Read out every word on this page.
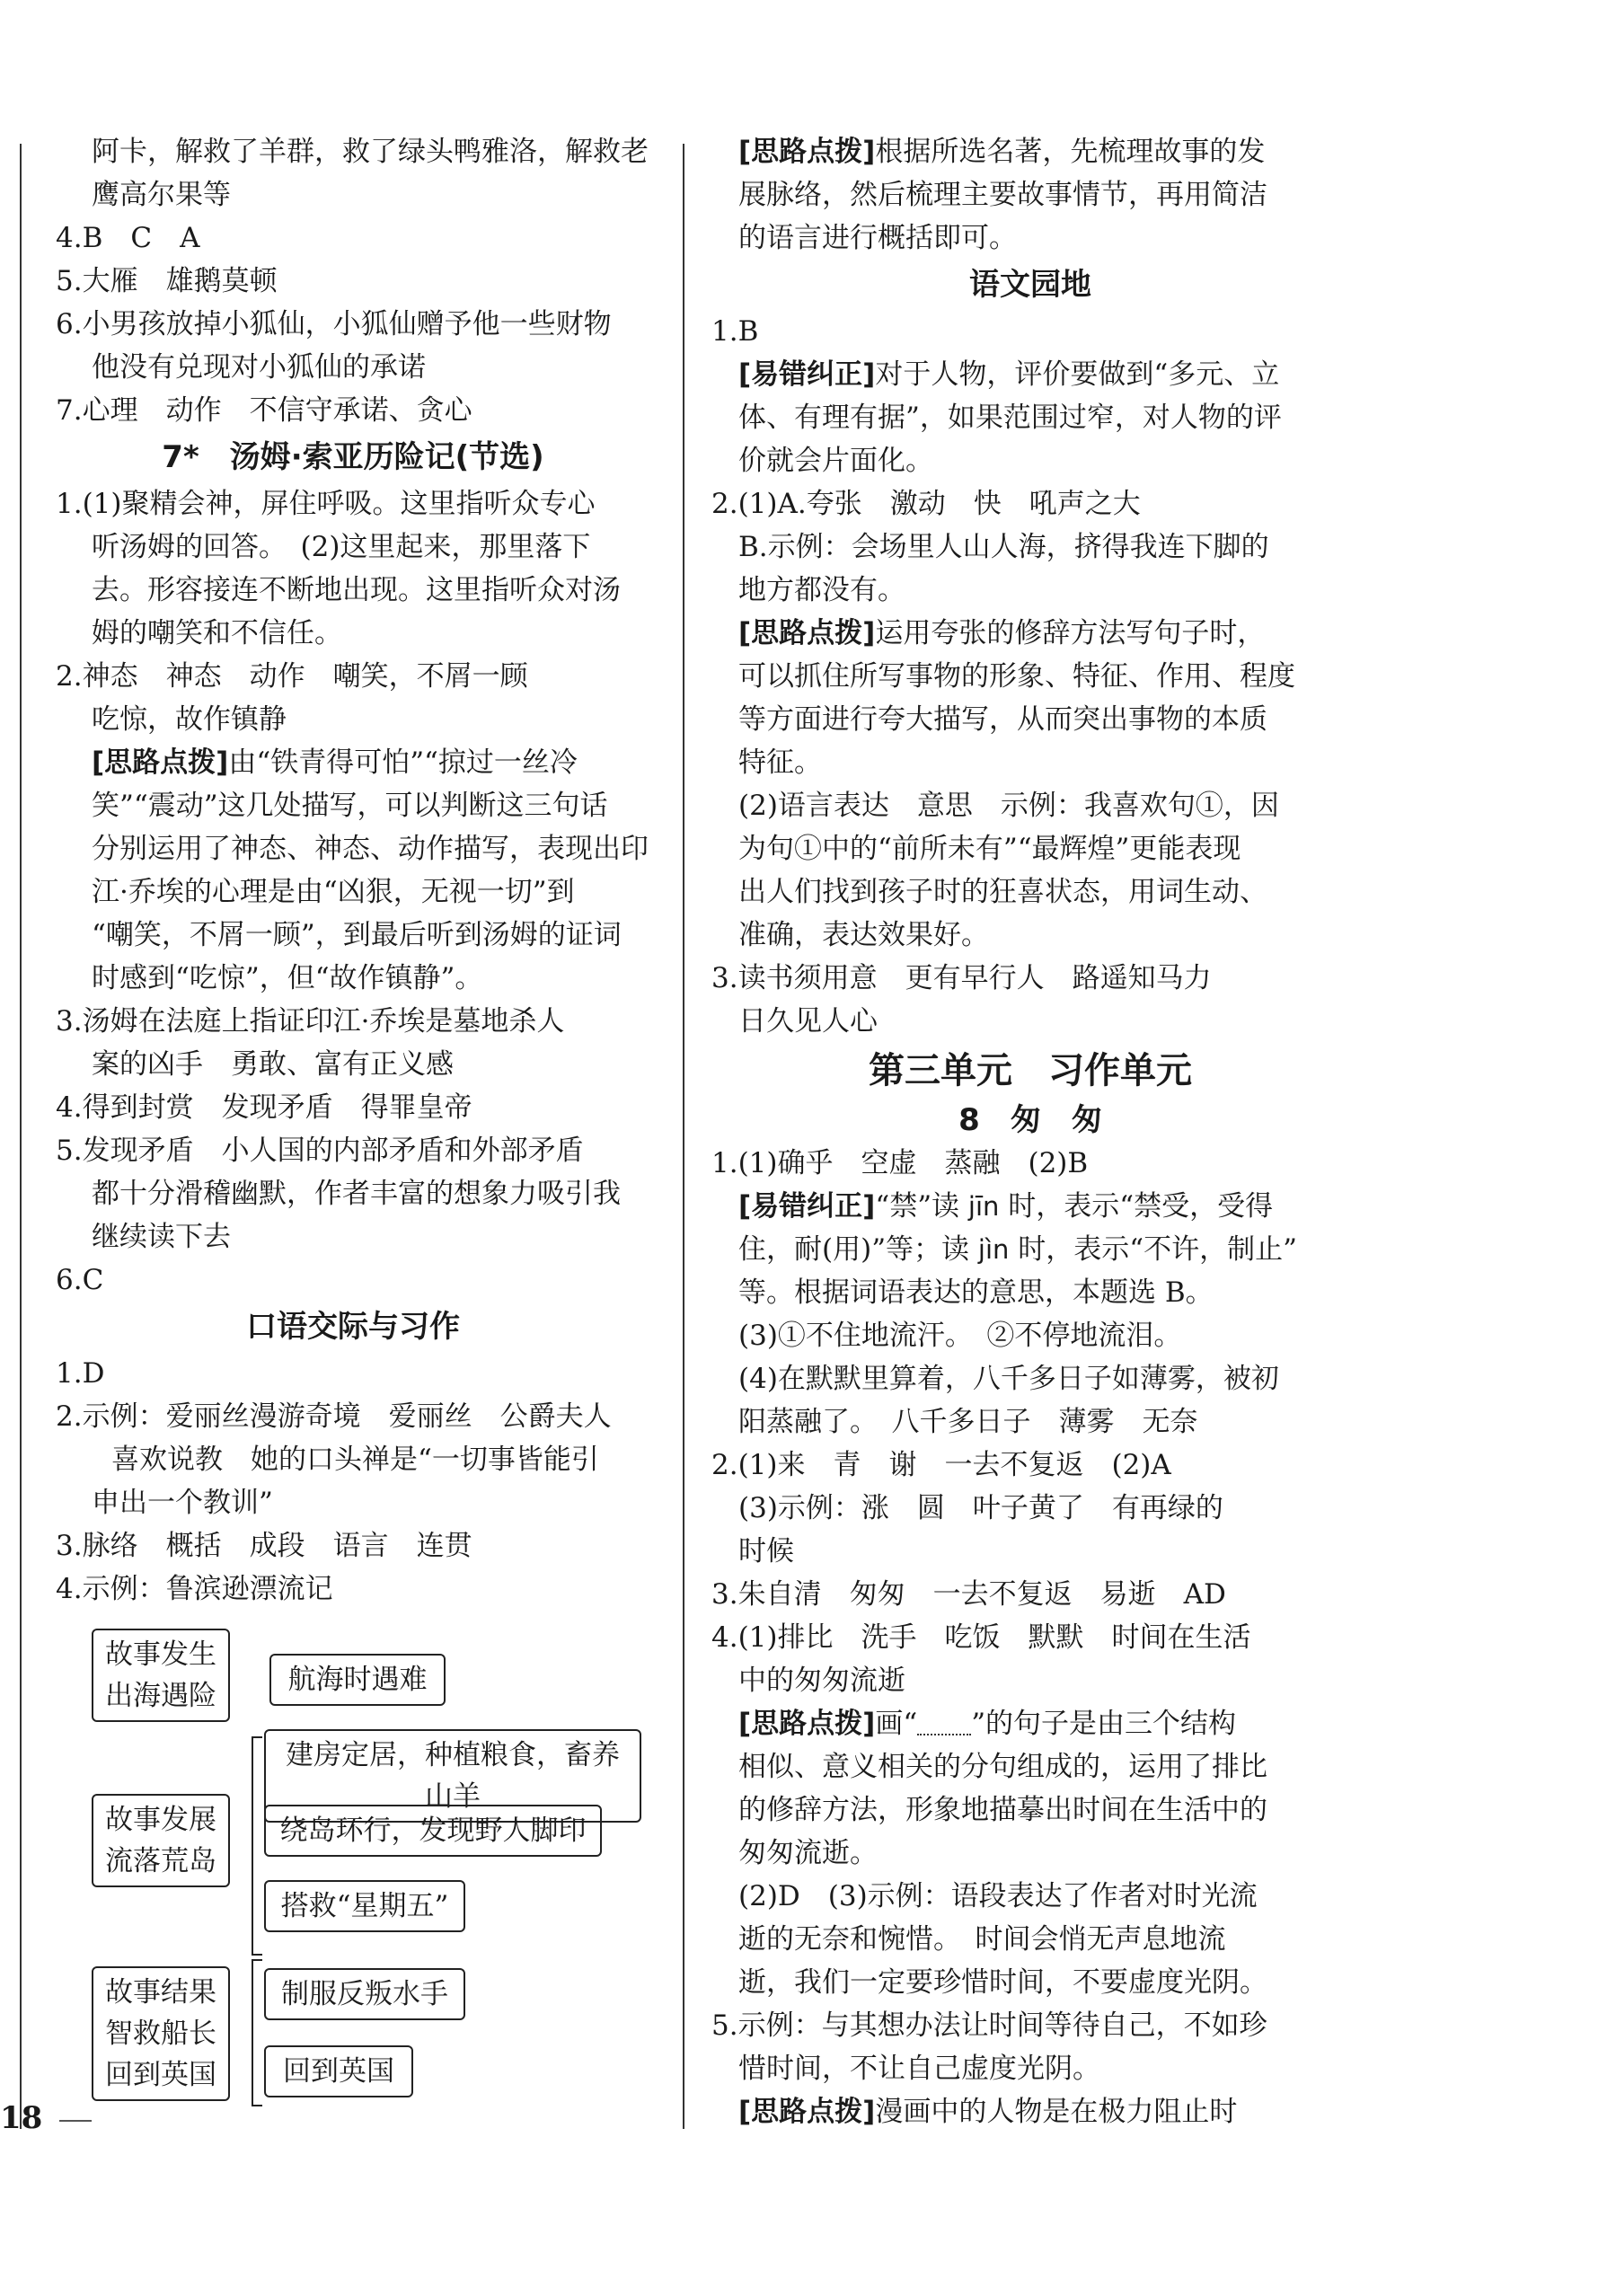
阿卡，解救了羊群，救了绿头鸭雅洛，解救老

鹰高尔果等

4.B　C　A

5.大雁　雄鹅莫顿

6.小男孩放掉小狐仙，小狐仙赠予他一些财物

他没有兑现对小狐仙的承诺

7.心理　动作　不信守承诺、贪心

7*　汤姆·索亚历险记(节选)

1.(1)聚精会神，屏住呼吸。这里指听众专心

听汤姆的回答。　(2)这里起来，那里落下

去。形容接连不断地出现。这里指听众对汤

姆的嘲笑和不信任。

2.神态　神态　动作　嘲笑，不屑一顾

吃惊，故作镇静

[思路点拨]由“铁青得可怕”“掠过一丝冷

笑”“震动”这几处描写，可以判断这三句话

分别运用了神态、神态、动作描写，表现出印

江·乔埃的心理是由“凶狠，无视一切”到

“嘲笑，不屑一顾”，到最后听到汤姆的证词

时感到“吃惊”，但“故作镇静”。

3.汤姆在法庭上指证印江·乔埃是墓地杀人

案的凶手　勇敢、富有正义感

4.得到封赏　发现矛盾　得罪皇帝

5.发现矛盾　小人国的内部矛盾和外部矛盾

都十分滑稽幽默，作者丰富的想象力吸引我

继续读下去

6.C

口语交际与习作

1.D

2.示例：爱丽丝漫游奇境　爱丽丝　公爵夫人

喜欢说教　她的口头禅是“一切事皆能引

申出一个教训”

3.脉络　概括　成段　语言　连贯

4.示例：鲁滨逊漂流记

故事发生
出海遇险	航海时遇难
故事发展
流落荒岛
建房定居，种植粮食，畜养山羊
绕岛环行，发现野人脚印
搭救“星期五”
故事结果
智救船长
回到英国
制服反叛水手
回到英国

[思路点拨]根据所选名著，先梳理故事的发

展脉络，然后梳理主要故事情节，再用简洁

的语言进行概括即可。

语文园地

1.B

[易错纠正]对于人物，评价要做到“多元、立

体、有理有据”，如果范围过窄，对人物的评

价就会片面化。

2.(1)A.夸张　激动　快　吼声之大

B.示例：会场里人山人海，挤得我连下脚的

地方都没有。

[思路点拨]运用夸张的修辞方法写句子时，

可以抓住所写事物的形象、特征、作用、程度

等方面进行夸大描写，从而突出事物的本质

特征。

(2)语言表达　意思　示例：我喜欢句①，因

为句①中的“前所未有”“最辉煌”更能表现

出人们找到孩子时的狂喜状态，用词生动、

准确，表达效果好。

3.读书须用意　更有早行人　路遥知马力

日久见人心

第三单元　习作单元

8　匆　匆

1.(1)确乎　空虚　蒸融　(2)B

[易错纠正]“禁”读 jīn 时，表示“禁受，受得

住，耐(用)”等；读 jìn 时，表示“不许，制止”

等。根据词语表达的意思，本题选 B。

(3)①不住地流汗。　②不停地流泪。

(4)在默默里算着，八千多日子如薄雾，被初

阳蒸融了。　八千多日子　薄雾　无奈

2.(1)来　青　谢　一去不复返　(2)A

(3)示例：涨　圆　叶子黄了　有再绿的

时候

3.朱自清　匆匆　一去不复返　易逝　AD

4.(1)排比　洗手　吃饭　默默　时间在生活

中的匆匆流逝

[思路点拨]画“ ”的句子是由三个结构

相似、意义相关的分句组成的，运用了排比

的修辞方法，形象地描摹出时间在生活中的

匆匆流逝。

(2)D　(3)示例：语段表达了作者对时光流

逝的无奈和惋惜。　时间会悄无声息地流

逝，我们一定要珍惜时间，不要虚度光阴。

5.示例：与其想办法让时间等待自己，不如珍

惜时间，不让自己虚度光阴。

[思路点拨]漫画中的人物是在极力阻止时

18
